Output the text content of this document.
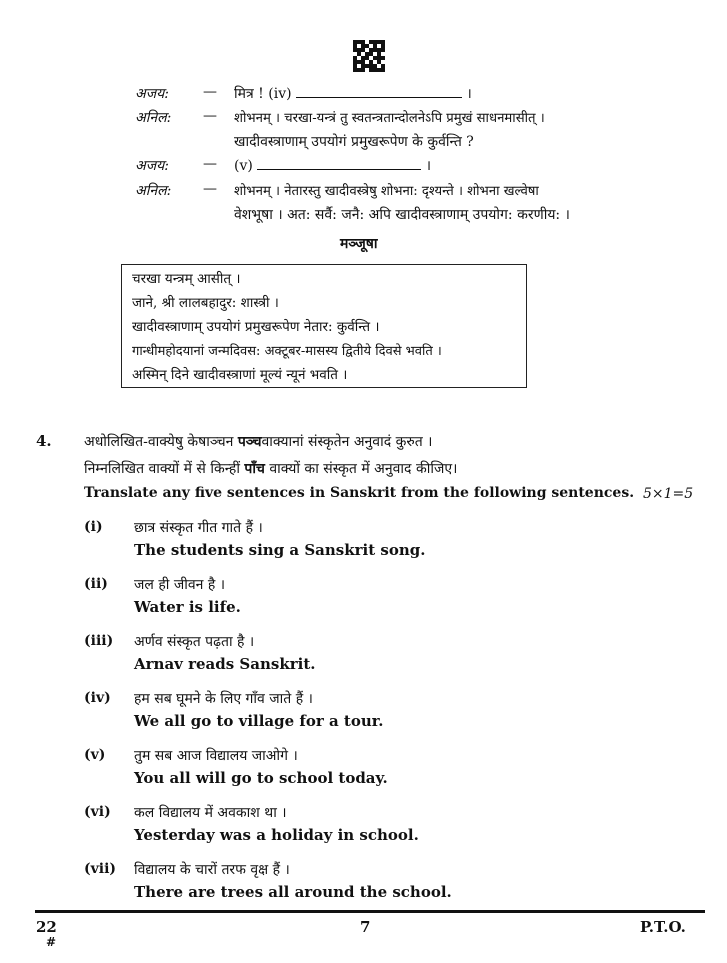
अजय: — मित्र ! (iv)	।
अनिल: — शोभनम् । चरखा-यन्त्रं तु स्वतन्त्रतान्दोलनेऽपि प्रमुखं साधनमासीत् ।
खादीवस्त्राणाम् उपयोगं प्रमुखरूपेण के कुर्वन्ति ?
अजय: — (v)	।
अनिल: — शोभनम् । नेतारस्तु खादीवस्त्रेषु शोभना: दृश्यन्ते । शोभना खल्वेषा
वेशभूषा । अत: सर्वै: जनै: अपि खादीवस्त्राणाम् उपयोग: करणीय: ।
मञ्जूषा
चरखा यन्त्रम् आसीत् ।
जाने, श्री लालबहादुर: शास्त्री ।
खादीवस्त्राणाम् उपयोगं प्रमुखरूपेण नेतार: कुर्वन्ति ।
गान्धीमहोदयानां जन्मदिवस: अक्टूबर-मासस्य द्वितीये दिवसे भवति ।
अस्मिन् दिने खादीवस्त्राणां मूल्यं न्यूनं भवति ।
4. अधोलिखित-वाक्येषु केषाञ्चन पञ्चवाक्यानां संस्कृतेन अनुवादं कुरुत ।
निम्नलिखित वाक्यों में से किन्हीं पाँच वाक्यों का संस्कृत में अनुवाद कीजिए।
Translate any five sentences in Sanskrit from the following sentences. 5×1=5
(i) छात्र संस्कृत गीत गाते हैं ।
The students sing a Sanskrit song.
(ii) जल ही जीवन है ।
Water is life.
(iii) अर्णव संस्कृत पढ़ता है ।
Arnav reads Sanskrit.
(iv) हम सब घूमने के लिए गाँव जाते हैं ।
We all go to village for a tour.
(v) तुम सब आज विद्यालय जाओगे ।
You all will go to school today.
(vi) कल विद्यालय में अवकाश था ।
Yesterday was a holiday in school.
(vii) विद्यालय के चारों तरफ वृक्ष हैं ।
There are trees all around the school.
22
#
7	P.T.O.
